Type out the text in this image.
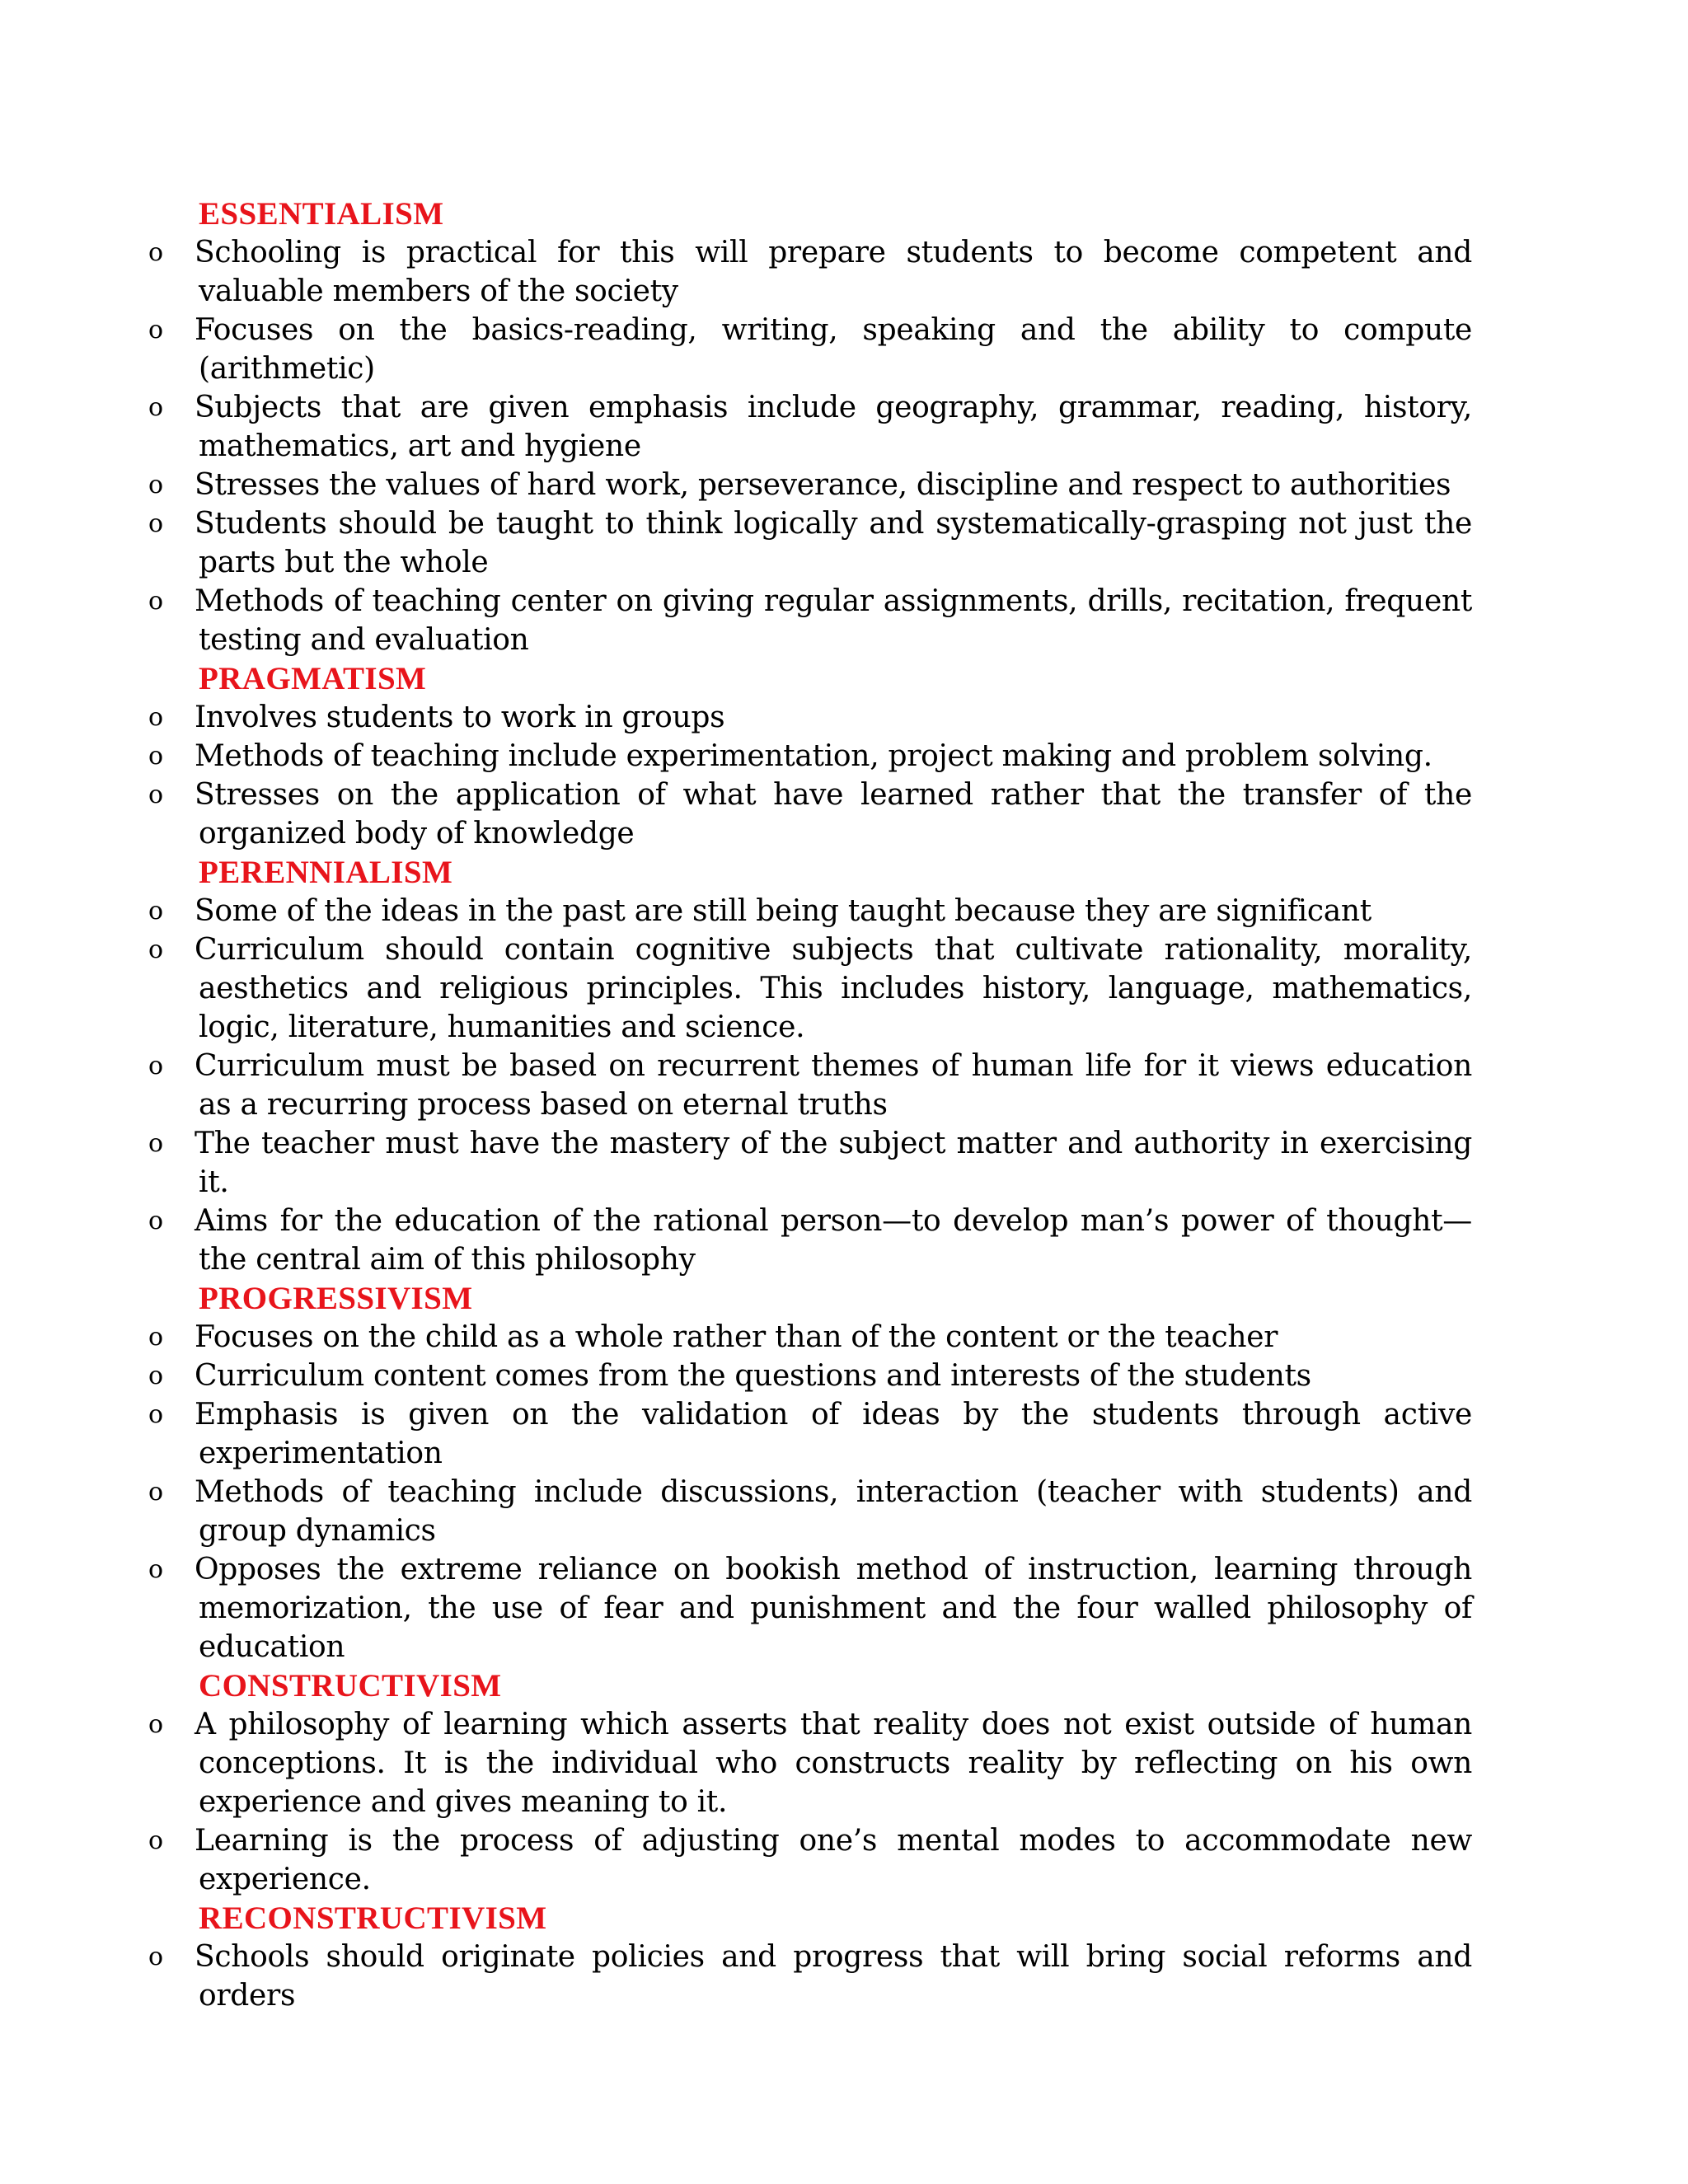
ESSENTIALISM
o	Schooling is practical for this will prepare students to become competent and valuable members of the society
o	Focuses on the basics-reading, writing, speaking and the ability to compute (arithmetic)
o	Subjects that are given emphasis include geography, grammar, reading, history, mathematics, art and hygiene
o	Stresses the values of hard work, perseverance, discipline and respect to authorities
o	Students should be taught to think logically and systematically-grasping not just the parts but the whole
o	Methods of teaching center on giving regular assignments, drills, recitation, frequent testing and evaluation
PRAGMATISM
o	Involves students to work in groups
o	Methods of teaching include experimentation, project making and problem solving.
o	Stresses on the application of what have learned rather that the transfer of the organized body of knowledge
PERENNIALISM
o	Some of the ideas in the past are still being taught because they are significant
o	Curriculum should contain cognitive subjects that cultivate rationality, morality, aesthetics and religious principles. This includes history, language, mathematics, logic, literature, humanities and science.
o	Curriculum must be based on recurrent themes of human life for it views education as a recurring process based on eternal truths
o	The teacher must have the mastery of the subject matter and authority in exercising it.
o	Aims for the education of the rational person—to develop man’s power of thought—the central aim of this philosophy
PROGRESSIVISM
o	Focuses on the child as a whole rather than of the content or the teacher
o	Curriculum content comes from the questions and interests of the students
o	Emphasis is given on the validation of ideas by the students through active experimentation
o	Methods of teaching include discussions, interaction (teacher with students) and group dynamics
o	Opposes the extreme reliance on bookish method of instruction, learning through memorization, the use of fear and punishment and the four walled philosophy of education
CONSTRUCTIVISM
o	A philosophy of learning which asserts that reality does not exist outside of human conceptions. It is the individual who constructs reality by reflecting on his own experience and gives meaning to it.
o	Learning is the process of adjusting one’s mental modes to accommodate new experience.
RECONSTRUCTIVISM
o	Schools should originate policies and progress that will bring social reforms and orders
